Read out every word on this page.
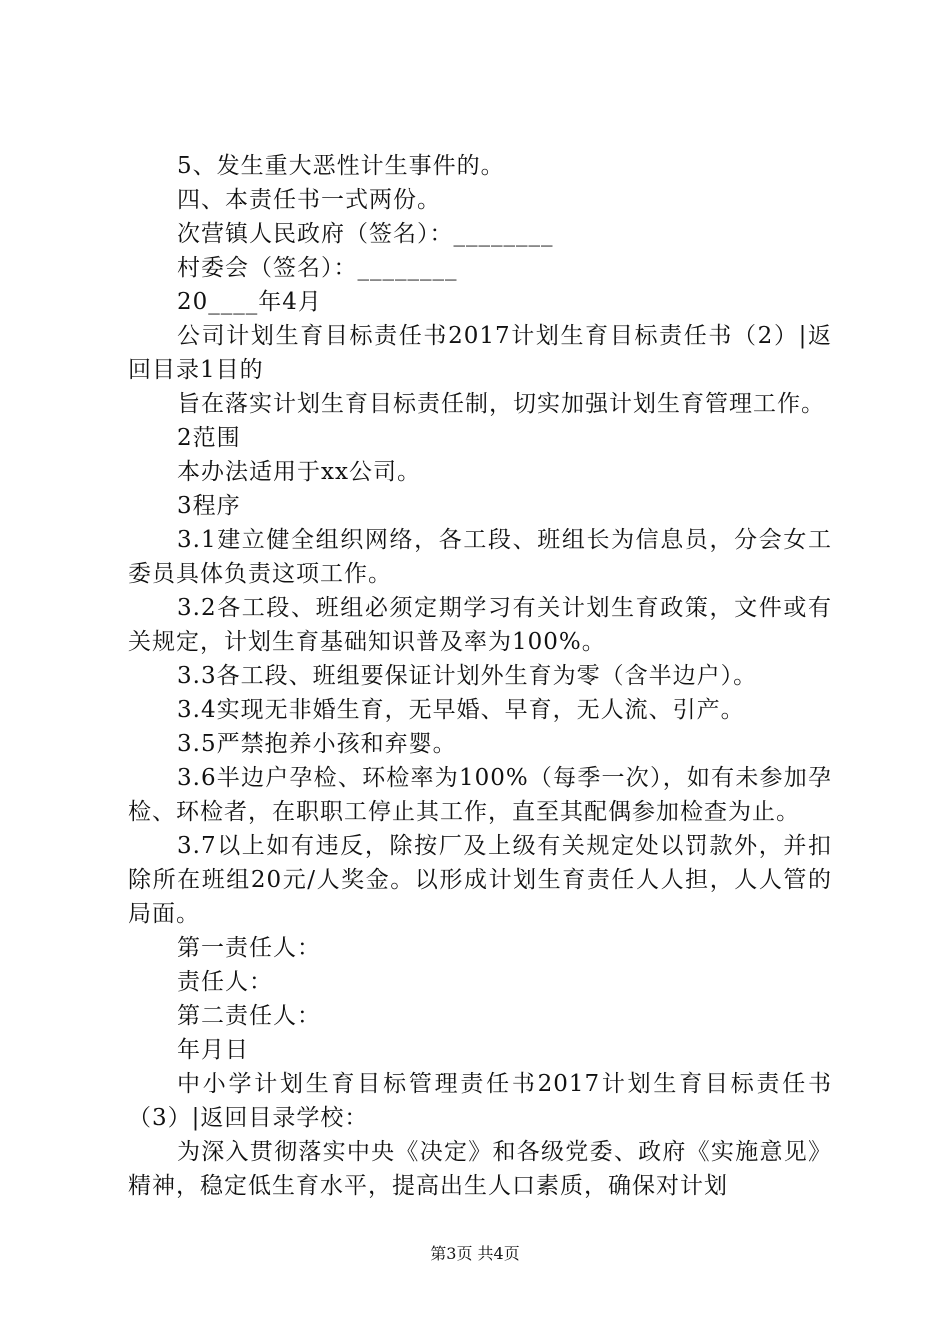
5、发生重大恶性计生事件的。

四、本责任书一式两份。

次营镇人民政府（签名）：________

村委会（签名）：________

20____年4月

公司计划生育目标责任书2017计划生育目标责任书（2）|返回目录1目的

旨在落实计划生育目标责任制，切实加强计划生育管理工作。

2范围

本办法适用于xx公司。

3程序

3.1建立健全组织网络，各工段、班组长为信息员，分会女工委员具体负责这项工作。

3.2各工段、班组必须定期学习有关计划生育政策，文件或有关规定，计划生育基础知识普及率为100%。

3.3各工段、班组要保证计划外生育为零（含半边户）。

3.4实现无非婚生育，无早婚、早育，无人流、引产。

3.5严禁抱养小孩和弃婴。

3.6半边户孕检、环检率为100%（每季一次），如有未参加孕检、环检者，在职职工停止其工作，直至其配偶参加检查为止。

3.7以上如有违反，除按厂及上级有关规定处以罚款外，并扣除所在班组20元/人奖金。以形成计划生育责任人人担，人人管的局面。

第一责任人：

责任人：

第二责任人：

年月日

中小学计划生育目标管理责任书2017计划生育目标责任书（3）|返回目录学校：

为深入贯彻落实中央《决定》和各级党委、政府《实施意见》精神，稳定低生育水平，提高出生人口素质，确保对计划

第3页 共4页
